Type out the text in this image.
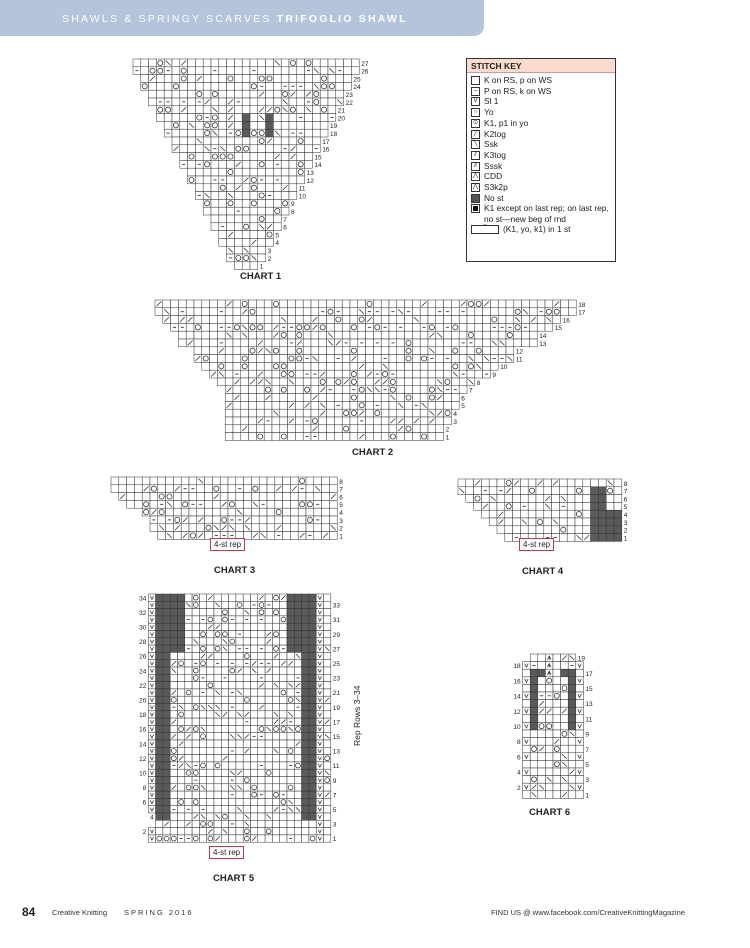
SHAWLS & SPRINGY SCARVES TRIFOGLIO SHAWL
27
26
25
24
23
22
21
20
19
18
17
16
15
14
13
12
11
10
9
8
7
6
5
4
3
2
1
CHART 1
STITCH KEY
K on RS, p on WS
– P on RS, k on WS
V Sl 1
○ Yo
⊙ K1, p1 in yo
╱ K2tog
╲ Ssk
⫽ K3tog
⫻ Sssk
⋀ CDD
⋀ S3k2p
No st
K1 except on last rep; on last rep, no st—new beg of rnd
⌒	(K1, yo, k1) in 1 st
18
17
16
15
14
13
12
11
10
9
8
7
6
5
4
3
2
1
CHART 2
8
7
6
5
4
3
2
1
4-st rep
CHART 3
8
7
6
5
4
3
2
1
4-st rep
CHART 4
33
31
29
27
25
23
21
19
17
15
13
11
9
7
5
3
1
34
32
30
28
26
24
22
20
18
16
14
12
10
8
6
4
2
Rep Rows 3–34
4-st rep
CHART 5
19
17
15
13
11
9
7
5
3
1
18
16
14
12
10
8
6
4
2
CHART 6
84 Creative Knitting SPRING 2016	FIND US @ www.facebook.com/CreativeKnittingMagazine
